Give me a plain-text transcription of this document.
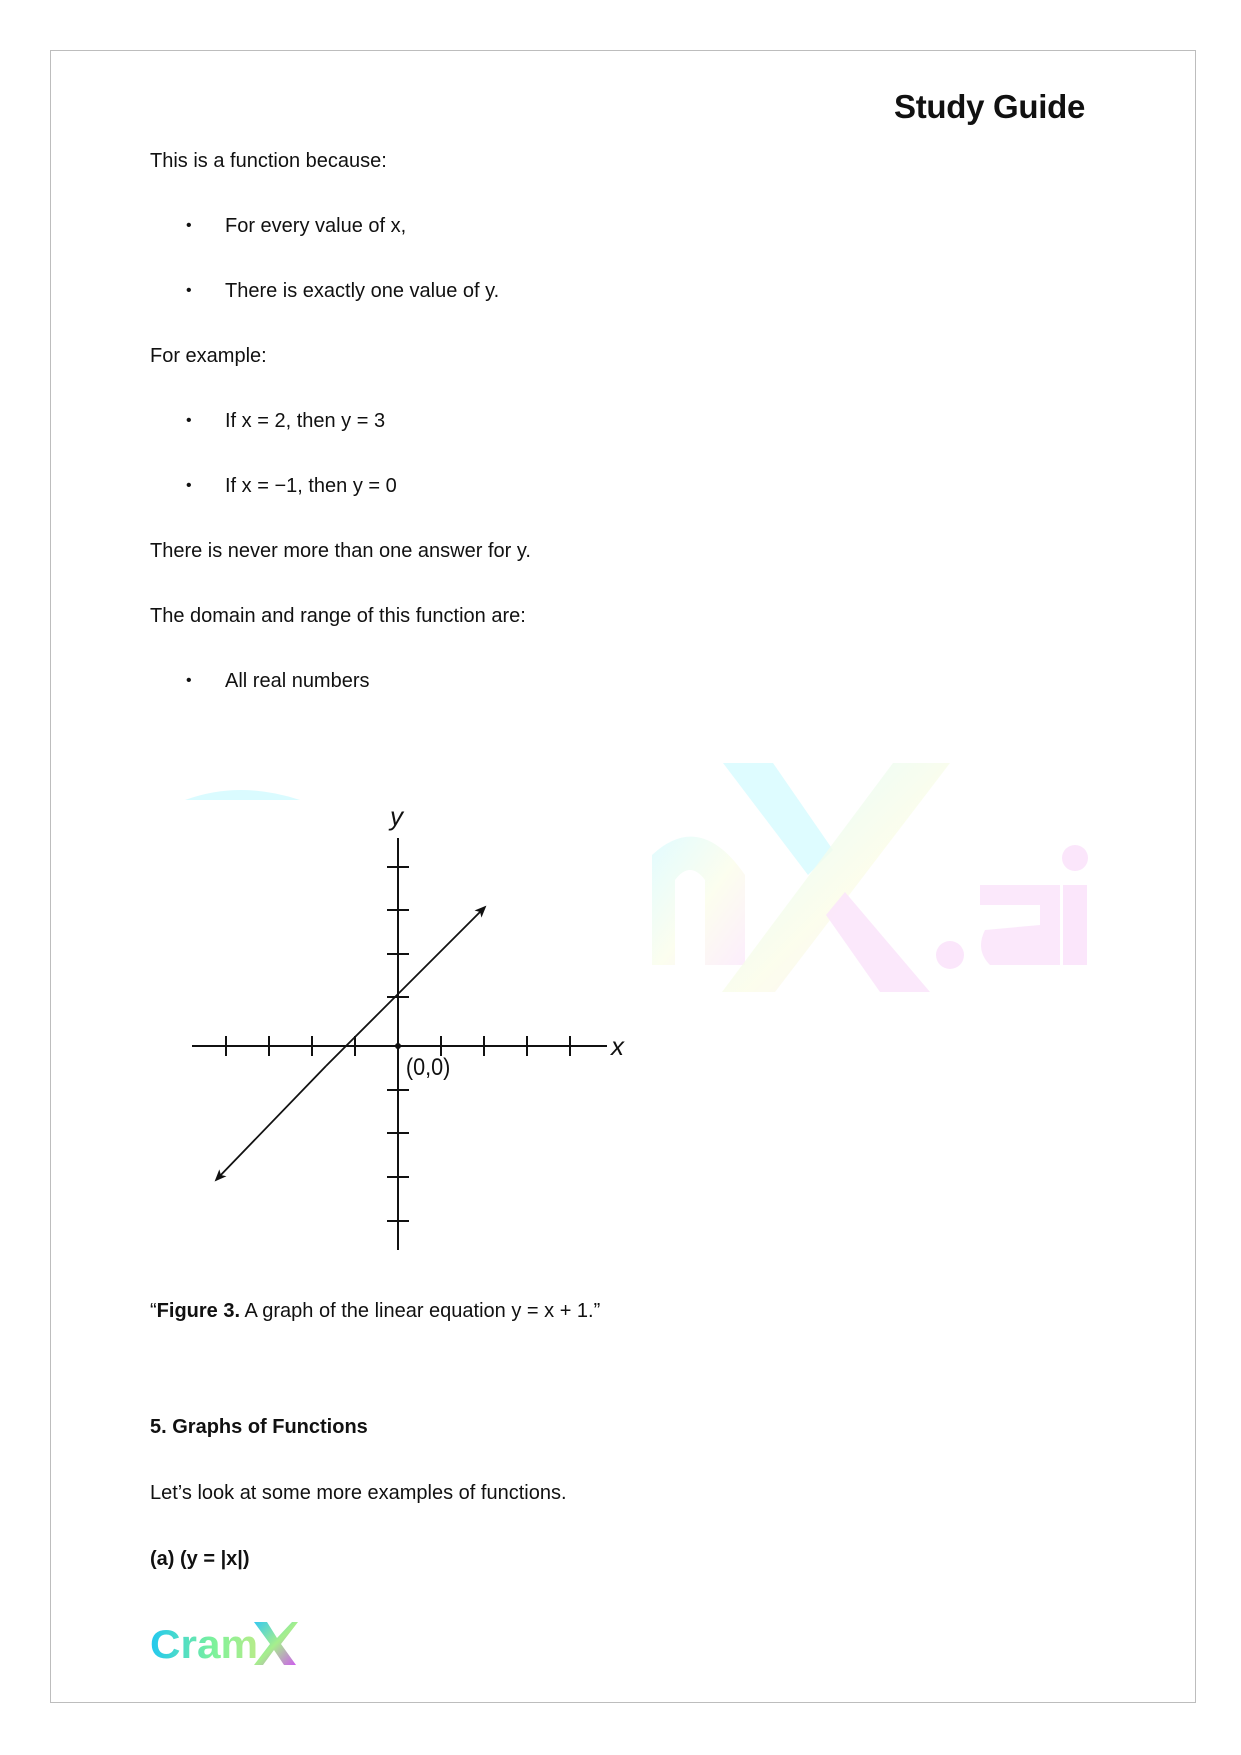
Study Guide
This is a function because:
• For every value of x,
• There is exactly one value of y.
For example:
• If x = 2, then y = 3
• If x = −1, then y = 0
There is never more than one answer for y.
The domain and range of this function are:
• All real numbers
y
x
(0,0)
“Figure 3. A graph of the linear equation y = x + 1.”
5. Graphs of Functions
Let’s look at some more examples of functions.
(a) (y = |x|)
Cram
